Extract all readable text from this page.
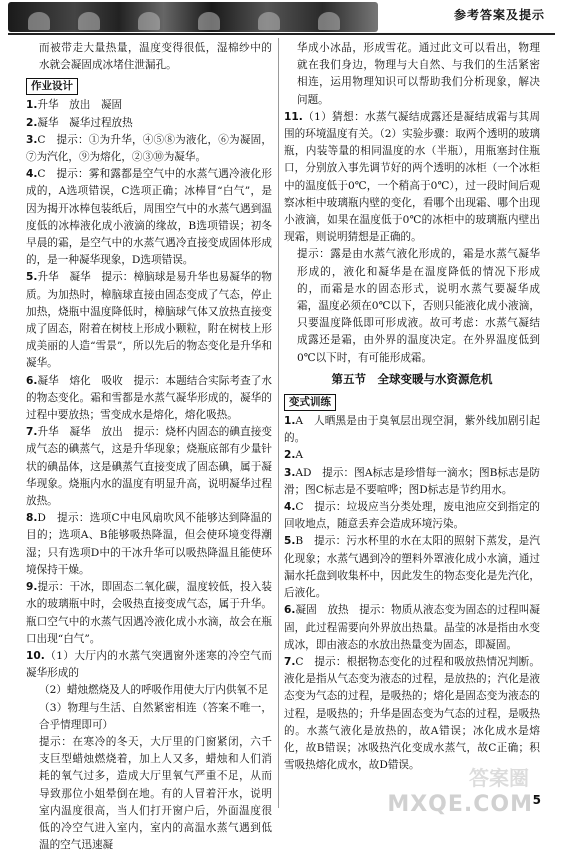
参考答案及提示

而被带走大量热量，温度变得很低，湿棉纱中的水就会凝固成冰堵住泄漏孔。

作业设计

1.升华　放出　凝固

2.凝华　凝华过程放热

3.C　提示：①为升华，④⑤⑧为液化，⑥为凝固，⑦为汽化，⑨为熔化，②③⑩为凝华。

4.C　提示：雾和露都是空气中的水蒸气遇冷液化形成的，A选项错误，C选项正确；冰棒冒“白气”，是因为揭开冰棒包装纸后，周围空气中的水蒸气遇到温度低的冰棒液化成小液滴的缘故，B选项错误；初冬早晨的霜，是空气中的水蒸气遇冷直接变成固体形成的，是一种凝华现象，D选项错误。

5.升华　凝华　提示：樟脑球是易升华也易凝华的物质。为加热时，樟脑球直接由固态变成了气态，停止加热，烧瓶中温度降低时，樟脑球气体又放热直接变成了固态，附着在树枝上形成小颗粒，附在树枝上形成美丽的人造“雪景”，所以先后的物态变化是升华和凝华。

6.凝华　熔化　吸收　提示：本题结合实际考查了水的物态变化。霜和雪都是水蒸气凝华形成的，凝华的过程中要放热；雪变成水是熔化，熔化吸热。

7.升华　凝华　放出　提示：烧杯内固态的碘直接变成气态的碘蒸气，这是升华现象；烧瓶底部有少量针状的碘晶体，这是碘蒸气直接变成了固态碘，属于凝华现象。烧瓶内水的温度有明显升高，说明凝华过程放热。

8.D　提示：选项C中电风扇吹风不能够达到降温的目的；选项A、B能够吸热降温，但会使环境变得潮湿；只有选项D中的干冰升华可以吸热降温且能使环境保持干燥。

9.提示：干冰，即固态二氧化碳，温度较低，投入装水的玻璃瓶中时，会吸热直接变成气态，属于升华。瓶口空气中的水蒸气因遇冷液化成小水滴，故会在瓶口出现“白气”。

10.（1）大厅内的水蒸气突遇窗外迷寒的冷空气而凝华形成的

（2）蜡烛燃烧及人的呼吸作用使大厅内供氧不足

（3）物理与生活、自然紧密相连（答案不唯一，合乎情理即可）

提示：在寒冷的冬天，大厅里的门窗紧闭，六千支巨型蜡烛燃烧着，加上人又多，蜡烛和人们消耗的氧气过多，造成大厅里氧气严重不足，从而导致那位小姐晕倒在地。有的人冒着汗水，说明室内温度很高，当人们打开窗户后，外面温度很低的冷空气进入室内，室内的高温水蒸气遇到低温的空气迅速凝

华成小冰晶，形成雪花。通过此文可以看出，物理就在我们身边，物理与大自然、与我们的生活紧密相连，运用物理知识可以帮助我们分析现象，解决问题。

11.（1）猜想：水蒸气凝结成露还是凝结成霜与其周围的环境温度有关。（2）实验步骤：取两个透明的玻璃瓶，内装等量的相同温度的水（半瓶），用瓶塞封住瓶口，分别放入事先调节好的两个透明的冰柜（一个冰柜中的温度低于0℃，一个稍高于0℃），过一段时间后观察冰柜中玻璃瓶内壁的变化，看哪个出现霜、哪个出现小液滴，如果在温度低于0℃的冰柜中的玻璃瓶内壁出现霜，则说明猜想是正确的。

提示：露是由水蒸气液化形成的，霜是水蒸气凝华形成的，液化和凝华是在温度降低的情况下形成的，而霜是水的固态形式，说明水蒸气要凝华成霜，温度必须在0℃以下，否则只能液化成小液滴，只要温度降低即可形成液。故可考虑：水蒸气凝结成露还是霜，由外界的温度决定。在外界温度低到0℃以下时，有可能形成霜。

第五节　全球变暖与水资源危机
变式训练

1.A　人晒黑是由于臭氧层出现空洞，紫外线加剧引起的。

2.A

3.AD　提示：图A标志是珍惜每一滴水；图B标志是防滑；图C标志是不要喧哗；图D标志是节约用水。

4.C　提示：垃圾应当分类处理，废电池应交到指定的回收地点，随意丢弃会造成环境污染。

5.B　提示：污水杯里的水在太阳的照射下蒸发，是汽化现象；水蒸气遇到冷的塑料外罩液化成小水滴，通过漏水托盘到收集杯中，因此发生的物态变化是先汽化，后液化。

6.凝固　放热　提示：物质从液态变为固态的过程叫凝固，此过程需要向外界放出热量。晶莹的冰是指由水变成冰，即由液态的水放出热量变为固态，即凝固。

7.C　提示：根据物态变化的过程和吸放热情况判断。液化是指从气态变为液态的过程，是放热的；汽化是液态变为气态的过程，是吸热的；熔化是固态变为液态的过程，是吸热的；升华是固态变为气态的过程，是吸热的。水蒸气液化是放热的，故A错误；冰化成水是熔化，故B错误；冰吸热汽化变成水蒸气，故C正确；积雪吸热熔化成水，故D错误。

答案圈
MXQE.COM 5
